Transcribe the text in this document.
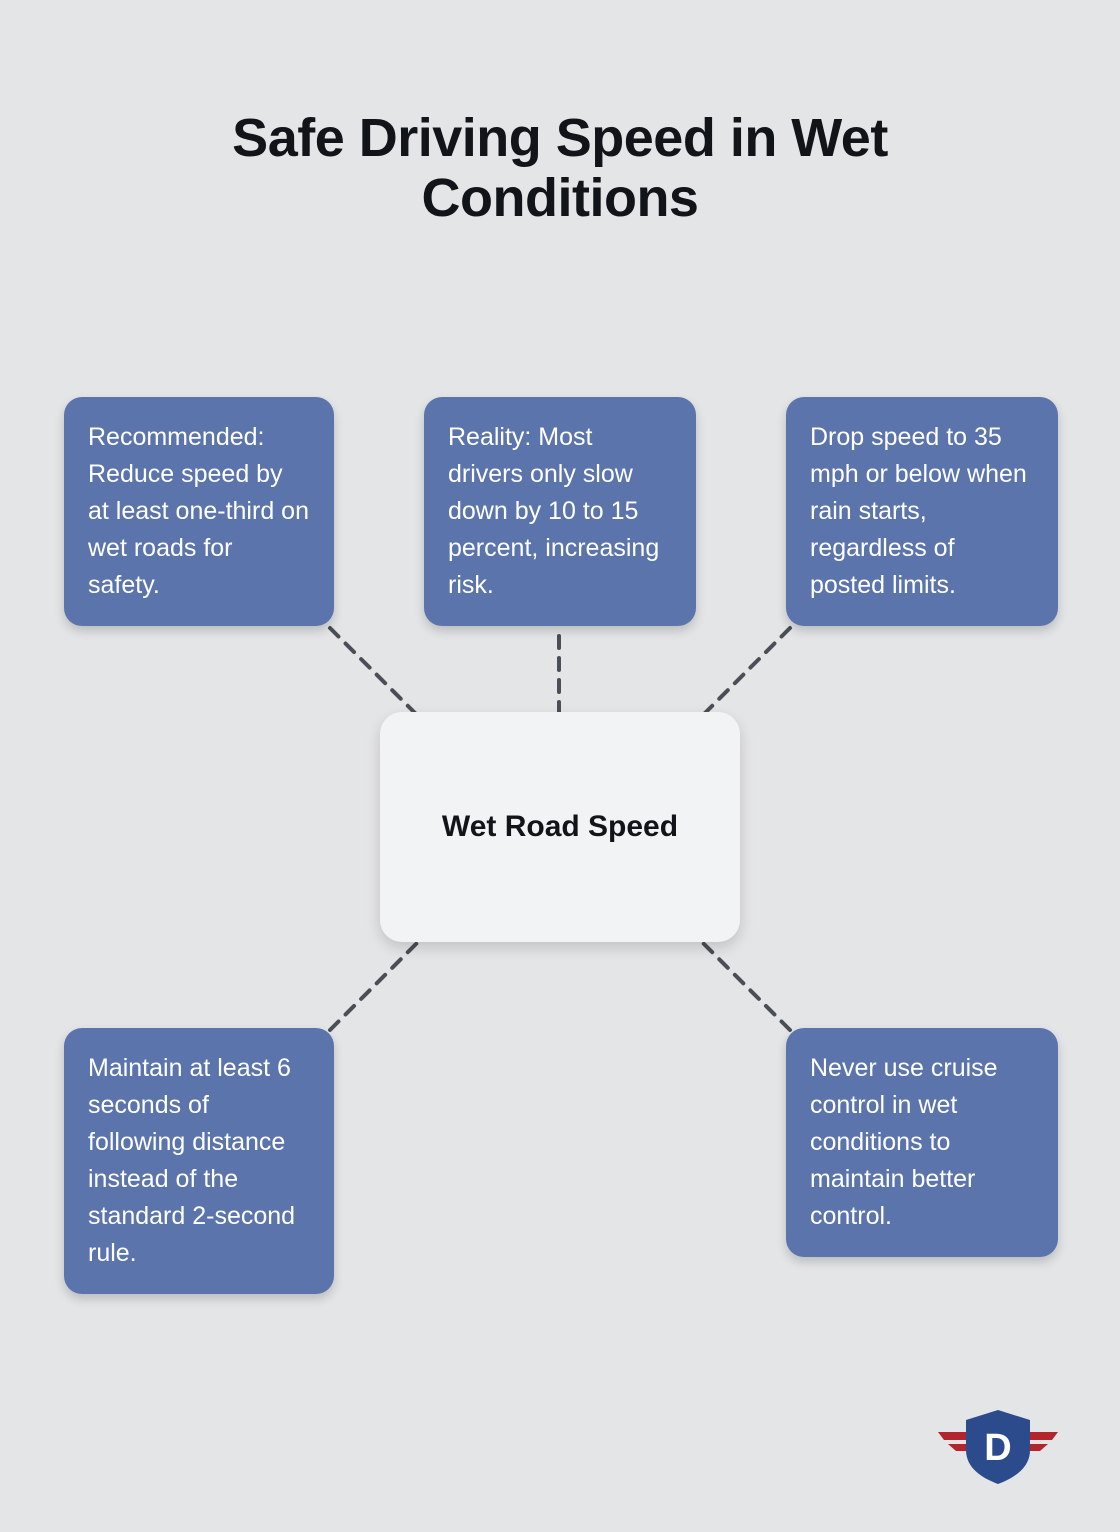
Safe Driving Speed in Wet Conditions
Recommended: Reduce speed by at least one-third on wet roads for safety.
Reality: Most drivers only slow down by 10 to 15 percent, increasing risk.
Drop speed to 35 mph or below when rain starts, regardless of posted limits.
Maintain at least 6 seconds of following distance instead of the standard 2-second rule.
Never use cruise control in wet conditions to maintain better control.
Wet Road Speed
D
